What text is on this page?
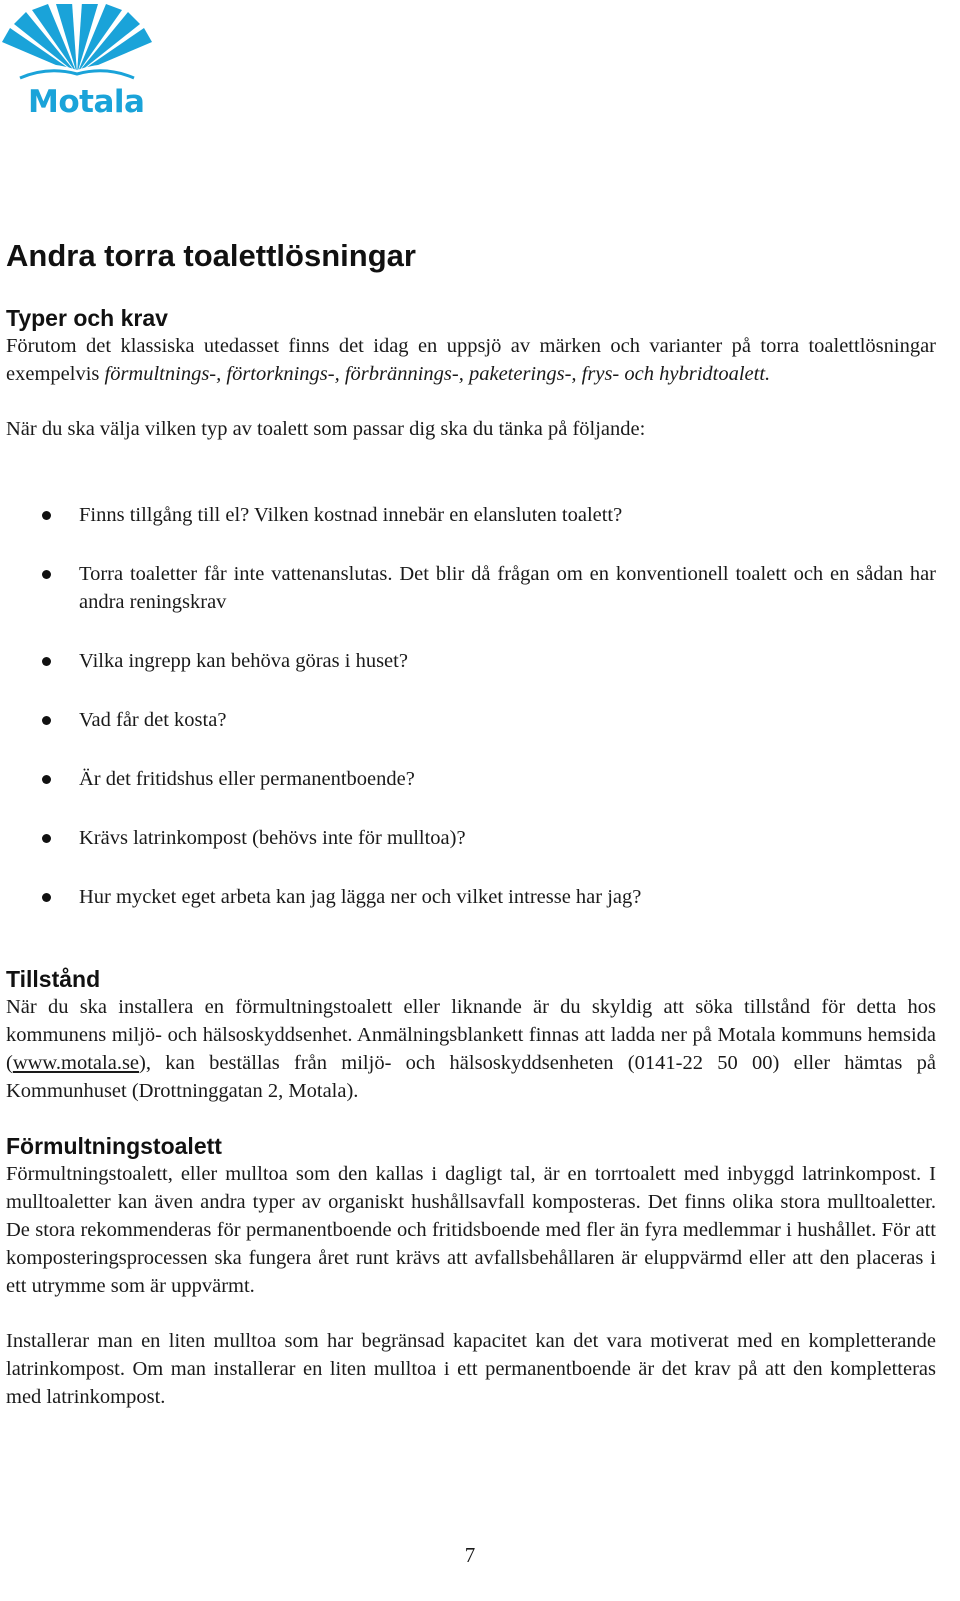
Motala
Andra torra toalettlösningar
Typer och krav

Förutom det klassiska utedasset finns det idag en uppsjö av märken och varianter på torra toalettlösningar exempelvis förmultnings-, förtorknings-, förbrännings-, paketerings-, frys- och hybridtoalett.

När du ska välja vilken typ av toalett som passar dig ska du tänka på följande:

Finns tillgång till el? Vilken kostnad innebär en elansluten toalett?
Torra toaletter får inte vattenanslutas. Det blir då frågan om en konventionell toalett och en sådan har andra reningskrav
Vilka ingrepp kan behöva göras i huset?
Vad får det kosta?
Är det fritidshus eller permanentboende?
Krävs latrinkompost (behövs inte för mulltoa)?
Hur mycket eget arbeta kan jag lägga ner och vilket intresse har jag?
Tillstånd

När du ska installera en förmultningstoalett eller liknande är du skyldig att söka tillstånd för detta hos kommunens miljö- och hälsoskyddsenhet. Anmälningsblankett finnas att ladda ner på Motala kommuns hemsida (www.motala.se), kan beställas från miljö- och hälsoskyddsenheten (0141-22 50 00) eller hämtas på Kommunhuset (Drottninggatan 2, Motala).

Förmultningstoalett

Förmultningstoalett, eller mulltoa som den kallas i dagligt tal, är en torrtoalett med inbyggd latrinkompost. I mulltoaletter kan även andra typer av organiskt hushållsavfall komposteras. Det finns olika stora mulltoaletter. De stora rekommenderas för permanentboende och fritidsboende med fler än fyra medlemmar i hushållet. För att komposteringsprocessen ska fungera året runt krävs att avfallsbehållaren är eluppvärmd eller att den placeras i ett utrymme som är uppvärmt.

Installerar man en liten mulltoa som har begränsad kapacitet kan det vara motiverat med en kompletterande latrinkompost. Om man installerar en liten mulltoa i ett permanentboende är det krav på att den kompletteras med latrinkompost.

7
